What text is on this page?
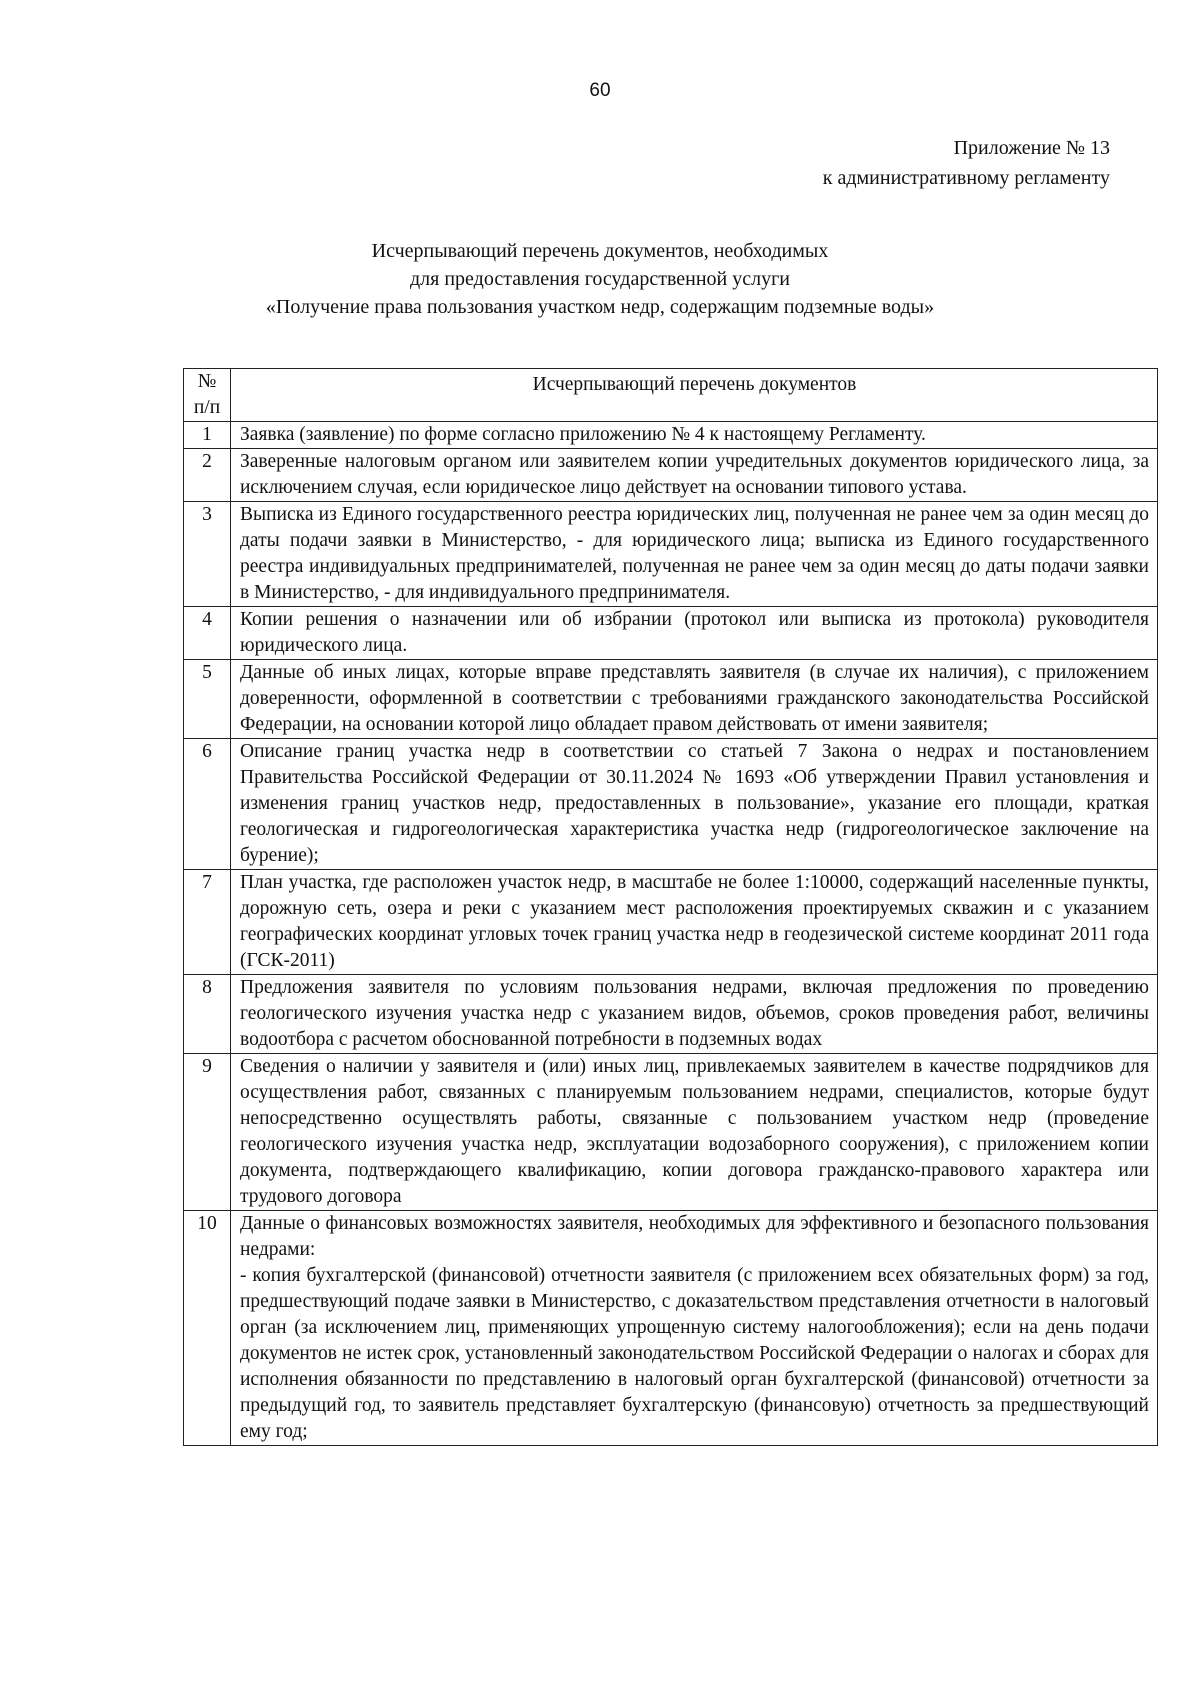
60
Приложение № 13
к административному регламенту
Исчерпывающий перечень документов, необходимых
для предоставления государственной услуги
«Получение права пользования участком недр, содержащим подземные воды»
№
п/п	Исчерпывающий перечень документов
1	Заявка (заявление) по форме согласно приложению № 4 к настоящему Регламенту.
2	Заверенные налоговым органом или заявителем копии учредительных документов юридического лица, за исключением случая, если юридическое лицо действует на основании типового устава.
3	Выписка из Единого государственного реестра юридических лиц, полученная не ранее чем за один месяц до даты подачи заявки в Министерство, - для юридического лица; выписка из Единого государственного реестра индивидуальных предпринимателей, полученная не ранее чем за один месяц до даты подачи заявки в Министерство, - для индивидуального предпринимателя.
4	Копии решения о назначении или об избрании (протокол или выписка из протокола) руководителя юридического лица.
5	Данные об иных лицах, которые вправе представлять заявителя (в случае их наличия), с приложением доверенности, оформленной в соответствии с требованиями гражданского законодательства Российской Федерации, на основании которой лицо обладает правом действовать от имени заявителя;
6	Описание границ участка недр в соответствии со статьей 7 Закона о недрах и постановлением Правительства Российской Федерации от 30.11.2024 № 1693 «Об утверждении Правил установления и изменения границ участков недр, предоставленных в пользование», указание его площади, краткая геологическая и гидрогеологическая характеристика участка недр (гидрогеологическое заключение на бурение);
7	План участка, где расположен участок недр, в масштабе не более 1:10000, содержащий населенные пункты, дорожную сеть, озера и реки с указанием мест расположения проектируемых скважин и с указанием географических координат угловых точек границ участка недр в геодезической системе координат 2011 года (ГСК-2011)
8	Предложения заявителя по условиям пользования недрами, включая предложения по проведению геологического изучения участка недр с указанием видов, объемов, сроков проведения работ, величины водоотбора с расчетом обоснованной потребности в подземных водах
9	Сведения о наличии у заявителя и (или) иных лиц, привлекаемых заявителем в качестве подрядчиков для осуществления работ, связанных с планируемым пользованием недрами, специалистов, которые будут непосредственно осуществлять работы, связанные с пользованием участком недр (проведение геологического изучения участка недр, эксплуатации водозаборного сооружения), с приложением копии документа, подтверждающего квалификацию, копии договора гражданско-правового характера или трудового договора
10	Данные о финансовых возможностях заявителя, необходимых для эффективного и безопасного пользования недрами:

- копия бухгалтерской (финансовой) отчетности заявителя (с приложением всех обязательных форм) за год, предшествующий подаче заявки в Министерство, с доказательством представления отчетности в налоговый орган (за исключением лиц, применяющих упрощенную систему налогообложения); если на день подачи документов не истек срок, установленный законодательством Российской Федерации о налогах и сборах для исполнения обязанности по представлению в налоговый орган бухгалтерской (финансовой) отчетности за предыдущий год, то заявитель представляет бухгалтерскую (финансовую) отчетность за предшествующий ему год;
